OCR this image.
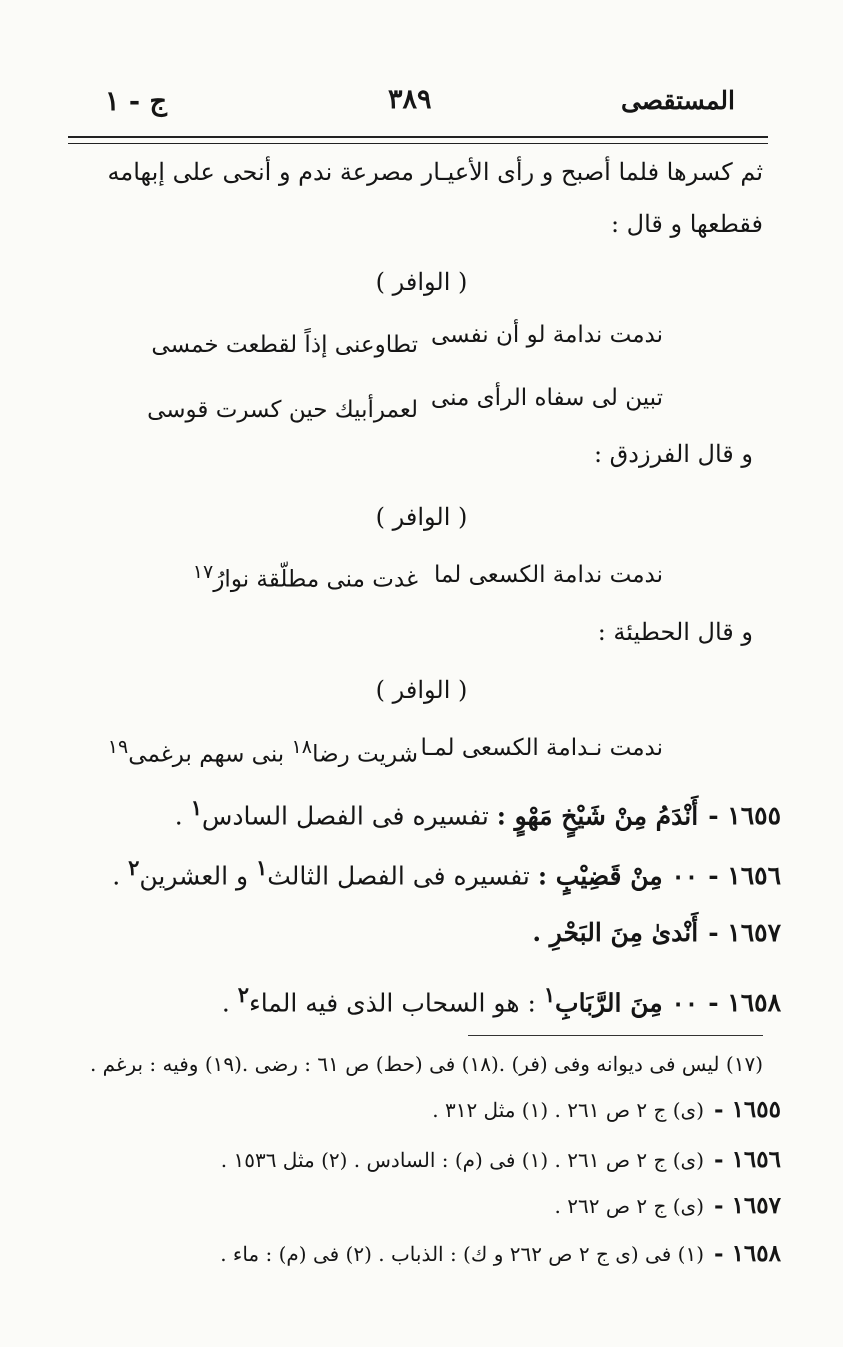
المستقصى
٣٨٩
ج - ١
ثم كسرها فلما أصبح و رأى الأعيـار مصرعة ندم و أنحى على إبهامه
فقطعها و قال :
( الوافر )
ندمت ندامة لو أن نفسى
تطاوعنى إذاً لقطعت خمسى
تبين لى سفاه الرأى منى
لعمرأبيك حين كسرت قوسى
و قال الفرزدق :
( الوافر )
ندمت ندامة الكسعى لما
غدت منى مطلّقة نوارُ$^{١٧}$
و قال الحطيئة :
( الوافر )
ندمت نـدامة الكسعى لمـا
شريت رضا$^{١٨}$ بنى سهم برغمى$^{١٩}$
١٦٥٥ -أَنْدَمُ مِنْ شَيْخٍ مَهْوٍ : تفسيره فى الفصل السادس$^١$ .
١٦٥٦ -٠٠ مِنْ قَضِيْبٍ : تفسيره فى الفصل الثالث$^١$ و العشرين$^٢$ .
١٦٥٧ -أَنْدىٰ مِنَ البَحْرِ .
١٦٥٨ -٠٠ مِنَ الرَّبَابِ$^١$ : هو السحاب الذى فيه الماء$^٢$ .
(١٧) ليس فى ديوانه وفى (فر) .(١٨) فى (حط) ص ٦١ : رضى .(١٩) وفيه : برغم .
١٦٥٥ -(ى) ج ٢ ص ٢٦١ . (١) مثل ٣١٢ .
١٦٥٦ -(ى) ج ٢ ص ٢٦١ . (١) فى (م) : السادس . (٢) مثل ١٥٣٦ .
١٦٥٧ -(ى) ج ٢ ص ٢٦٢ .
١٦٥٨ -(١) فى (ى ج ٢ ص ٢٦٢ و ك) : الذباب . (٢) فى (م) : ماء .
